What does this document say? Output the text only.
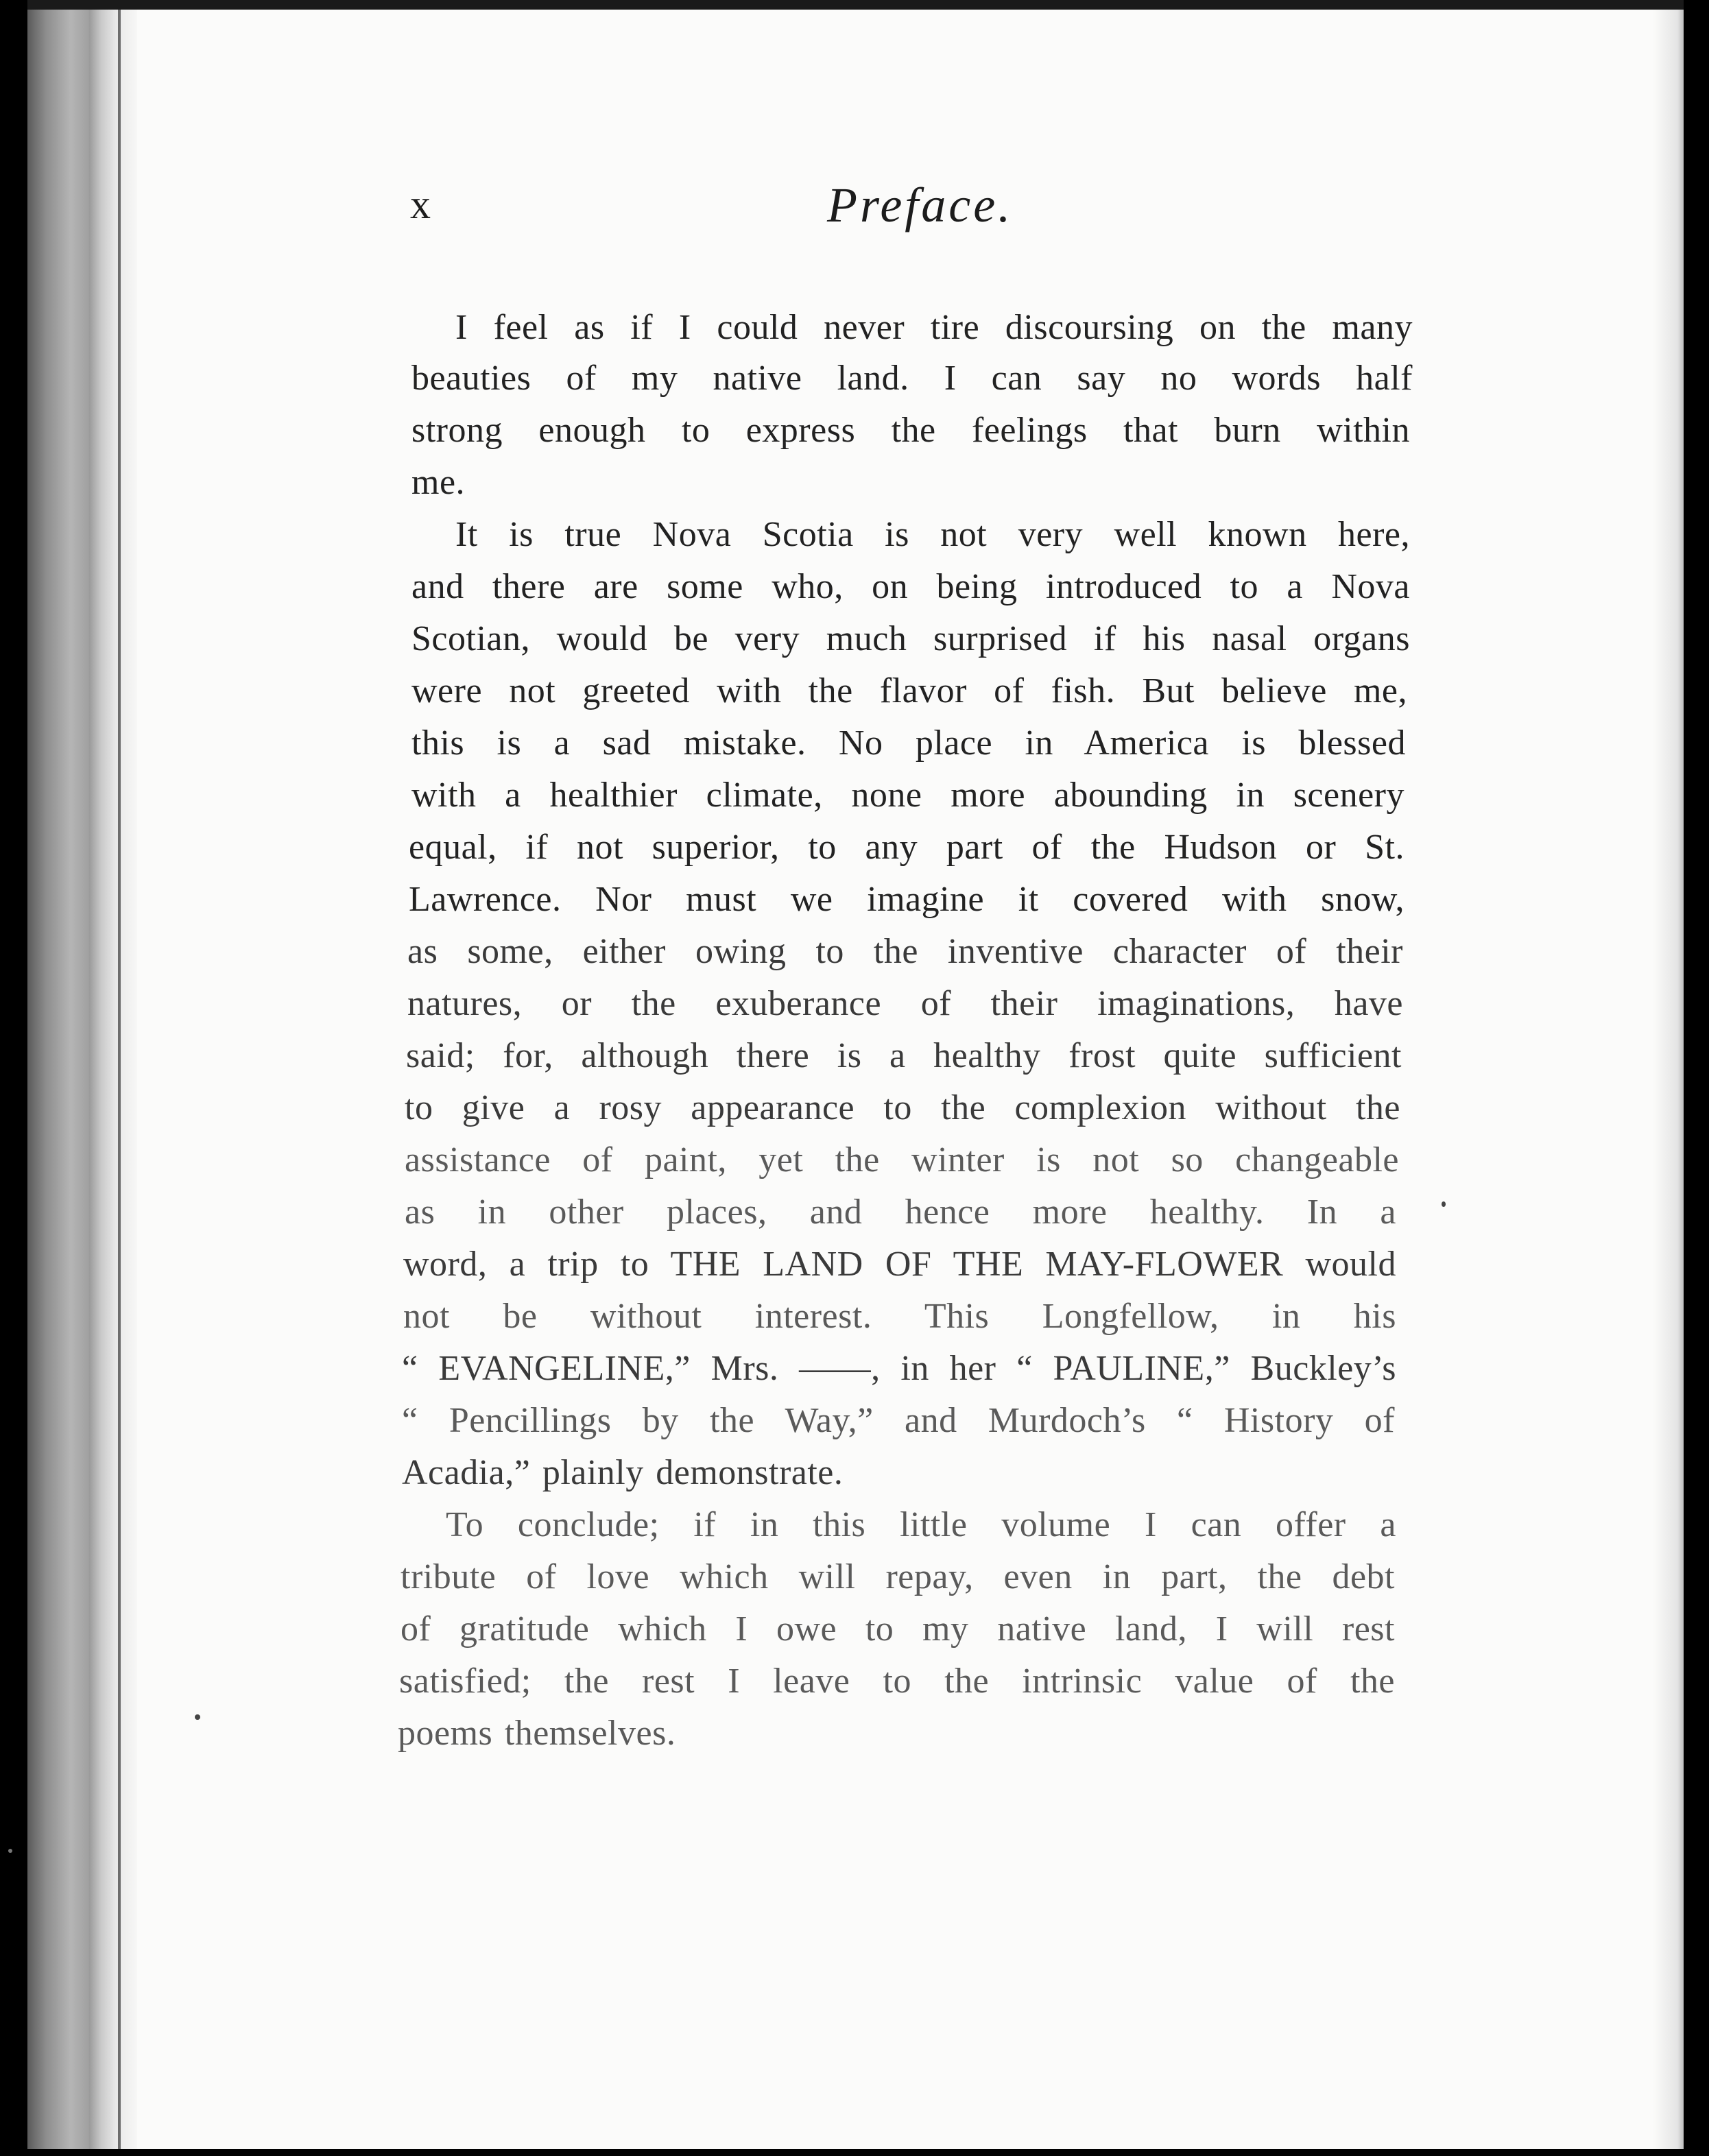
x	Preface.
I feel as if I could never tire discoursing on the many
beauties of my native land. I can say no words half
strong enough to express the feelings that burn within
me.
It is true Nova Scotia is not very well known here,
and there are some who, on being introduced to a Nova
Scotian, would be very much surprised if his nasal organs
were not greeted with the flavor of fish. But believe me,
this is a sad mistake. No place in America is blessed
with a healthier climate, none more abounding in scenery
equal, if not superior, to any part of the Hudson or St.
Lawrence. Nor must we imagine it covered with snow,
as some, either owing to the inventive character of their
natures, or the exuberance of their imaginations, have
said; for, although there is a healthy frost quite sufficient
to give a rosy appearance to the complexion without the
assistance of paint, yet the winter is not so changeable
as in other places, and hence more healthy. In a
word, a trip to THE LAND OF THE MAY-FLOWER would
not be without interest. This Longfellow, in his
“ EVANGELINE,” Mrs. ——, in her “ PAULINE,” Buckley’s
“ Pencillings by the Way,” and Murdoch’s “ History of
Acadia,” plainly demonstrate.
To conclude; if in this little volume I can offer a
tribute of love which will repay, even in part, the debt
of gratitude which I owe to my native land, I will rest
satisfied; the rest I leave to the intrinsic value of the
poems themselves.
